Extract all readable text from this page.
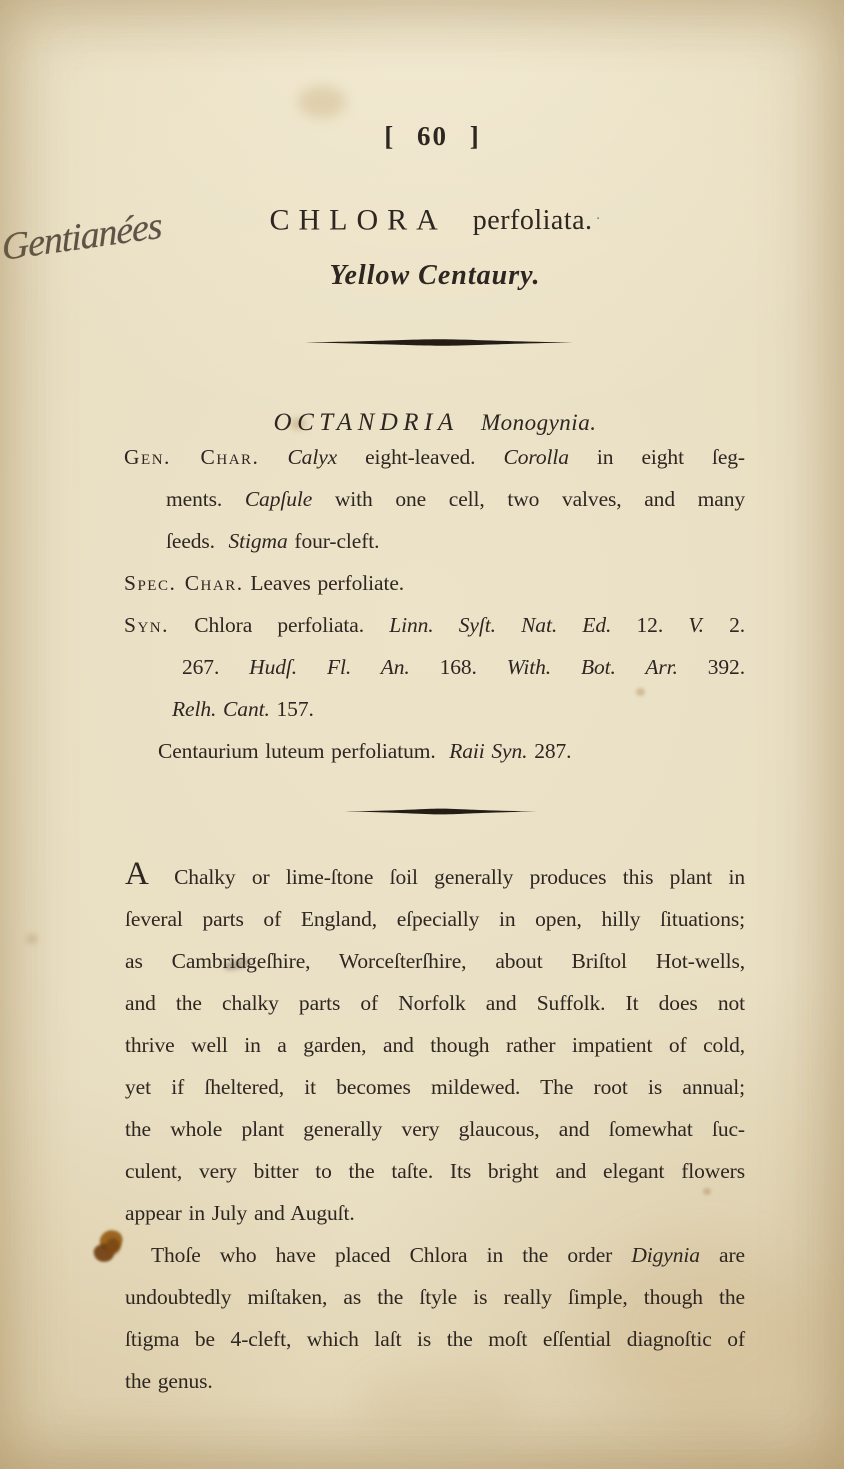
[ 60 ]
Gentianées	CHLORA perfoliata. ·
Yellow Centaury.
OCTANDRIA Monogynia.
Gen. Char. Calyx eight-leaved. Corolla in eight ſeg-
ments. Capſule with one cell, two valves, and many
ſeeds.  Stigma four-cleft.
Spec. Char. Leaves perfoliate.
Syn. Chlora perfoliata. Linn. Syſt. Nat. Ed. 12. V. 2.
267. Hudſ. Fl. An. 168. With. Bot. Arr. 392.
Relh. Cant. 157.
Centaurium luteum perfoliatum.  Raii Syn. 287.
A Chalky or lime-ſtone ſoil generally produces this plant in
ſeveral parts of England, eſpecially in open, hilly ſituations;
as Cambridgeſhire, Worceſterſhire, about Briſtol Hot-wells,
and the chalky parts of Norfolk and Suffolk. It does not
thrive well in a garden, and though rather impatient of cold,
yet if ſheltered, it becomes mildewed. The root is annual;
the whole plant generally very glaucous, and ſomewhat ſuc-
culent, very bitter to the taſte. Its bright and elegant flowers
appear in July and Auguſt.
Thoſe who have placed Chlora in the order Digynia are
undoubtedly miſtaken, as the ſtyle is really ſimple, though the
ſtigma be 4-cleft, which laſt is the moſt eſſential diagnoſtic of
the genus.
